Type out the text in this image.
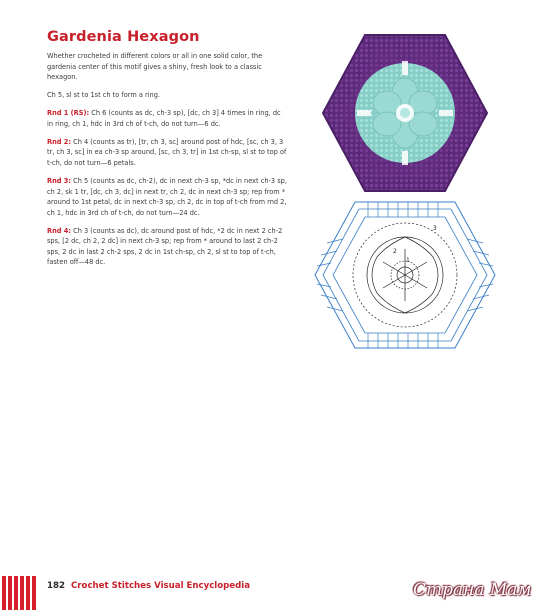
Gardenia Hexagon

Whether crocheted in different colors or all in one solid color, the gardenia center of this motif gives a shiny, fresh look to a classic hexagon.

Ch 5, sl st to 1st ch to form a ring.

Rnd 1 (RS): Ch 6 (counts as dc, ch-3 sp), [dc, ch 3] 4 times in ring, dc in ring, ch 1, hdc in 3rd ch of t-ch, do not turn—6 dc.

Rnd 2: Ch 4 (counts as tr), [tr, ch 3, sc] around post of hdc, [sc, ch 3, 3 tr, ch 3, sc] in ea ch-3 sp around, [sc, ch 3, tr] in 1st ch-sp, sl st to top of t-ch, do not turn—6 petals.

Rnd 3: Ch 5 (counts as dc, ch-2), dc in next ch-3 sp, *dc in next ch-3 sp, ch 2, sk 1 tr, [dc, ch 3, dc] in next tr, ch 2, dc in next ch-3 sp; rep from * around to 1st petal, dc in next ch-3 sp, ch 2, dc in top of t-ch from rnd 2, ch 1, hdc in 3rd ch of t-ch, do not turn—24 dc.

Rnd 4: Ch 3 (counts as dc), dc around post of hdc, *2 dc in next 2 ch-2 sps, [2 dc, ch 2, 2 dc] in next ch-3 sp; rep from * around to last 2 ch-2 sps, 2 dc in last 2 ch-2 sps, 2 dc in 1st ch-sp, ch 2, sl st to top of t-ch, fasten off—48 dc.

3
2
1
182 Crochet Stitches Visual Encyclopedia	Страна Мам
